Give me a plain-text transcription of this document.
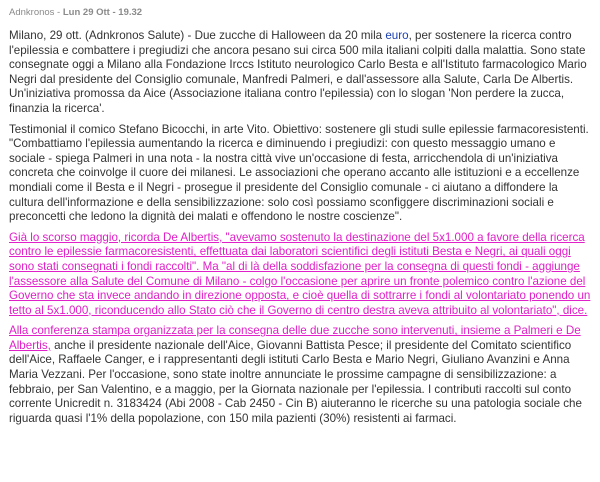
Adnkronos - Lun 29 Ott - 19.32

Milano, 29 ott. (Adnkronos Salute) - Due zucche di Halloween da 20 mila euro, per sostenere la ricerca contro l'epilessia e combattere i pregiudizi che ancora pesano sui circa 500 mila italiani colpiti dalla malattia. Sono state consegnate oggi a Milano alla Fondazione Irccs Istituto neurologico Carlo Besta e all'Istituto farmacologico Mario Negri dal presidente del Consiglio comunale, Manfredi Palmeri, e dall'assessore alla Salute, Carla De Albertis. Un'iniziativa promossa da Aice (Associazione italiana contro l'epilessia) con lo slogan 'Non perdere la zucca, finanzia la ricerca'.

Testimonial il comico Stefano Bicocchi, in arte Vito. Obiettivo: sostenere gli studi sulle epilessie farmacoresistenti. "Combattiamo l'epilessia aumentando la ricerca e diminuendo i pregiudizi: con questo messaggio umano e sociale - spiega Palmeri in una nota - la nostra città vive un'occasione di festa, arricchendola di un'iniziativa concreta che coinvolge il cuore dei milanesi. Le associazioni che operano accanto alle istituzioni e a eccellenze mondiali come il Besta e il Negri - prosegue il presidente del Consiglio comunale - ci aiutano a diffondere la cultura dell'informazione e della sensibilizzazione: solo così possiamo sconfiggere discriminazioni sociali e preconcetti che ledono la dignità dei malati e offendono le nostre coscienze".

Già lo scorso maggio, ricorda De Albertis, "avevamo sostenuto la destinazione del 5x1.000 a favore della ricerca contro le epilessie farmacoresistenti, effettuata dai laboratori scientifici degli istituti Besta e Negri, ai quali oggi sono stati consegnati i fondi raccolti". Ma "al di là della soddisfazione per la consegna di questi fondi - aggiunge l'assessore alla Salute del Comune di Milano - colgo l'occasione per aprire un fronte polemico contro l'azione del Governo che sta invece andando in direzione opposta, e cioè quella di sottrarre i fondi al volontariato ponendo un tetto al 5x1.000, riconducendo allo Stato ciò che il Governo di centro destra aveva attribuito al volontariato", dice.

Alla conferenza stampa organizzata per la consegna delle due zucche sono intervenuti, insieme a Palmeri e De Albertis, anche il presidente nazionale dell'Aice, Giovanni Battista Pesce; il presidente del Comitato scientifico dell'Aice, Raffaele Canger, e i rappresentanti degli istituti Carlo Besta e Mario Negri, Giuliano Avanzini e Anna Maria Vezzani. Per l'occasione, sono state inoltre annunciate le prossime campagne di sensibilizzazione: a febbraio, per San Valentino, e a maggio, per la Giornata nazionale per l'epilessia. I contributi raccolti sul conto corrente Unicredit n. 3183424 (Abi 2008 - Cab 2450 - Cin B) aiuteranno le ricerche su una patologia sociale che riguarda quasi l'1% della popolazione, con 150 mila pazienti (30%) resistenti ai farmaci.
